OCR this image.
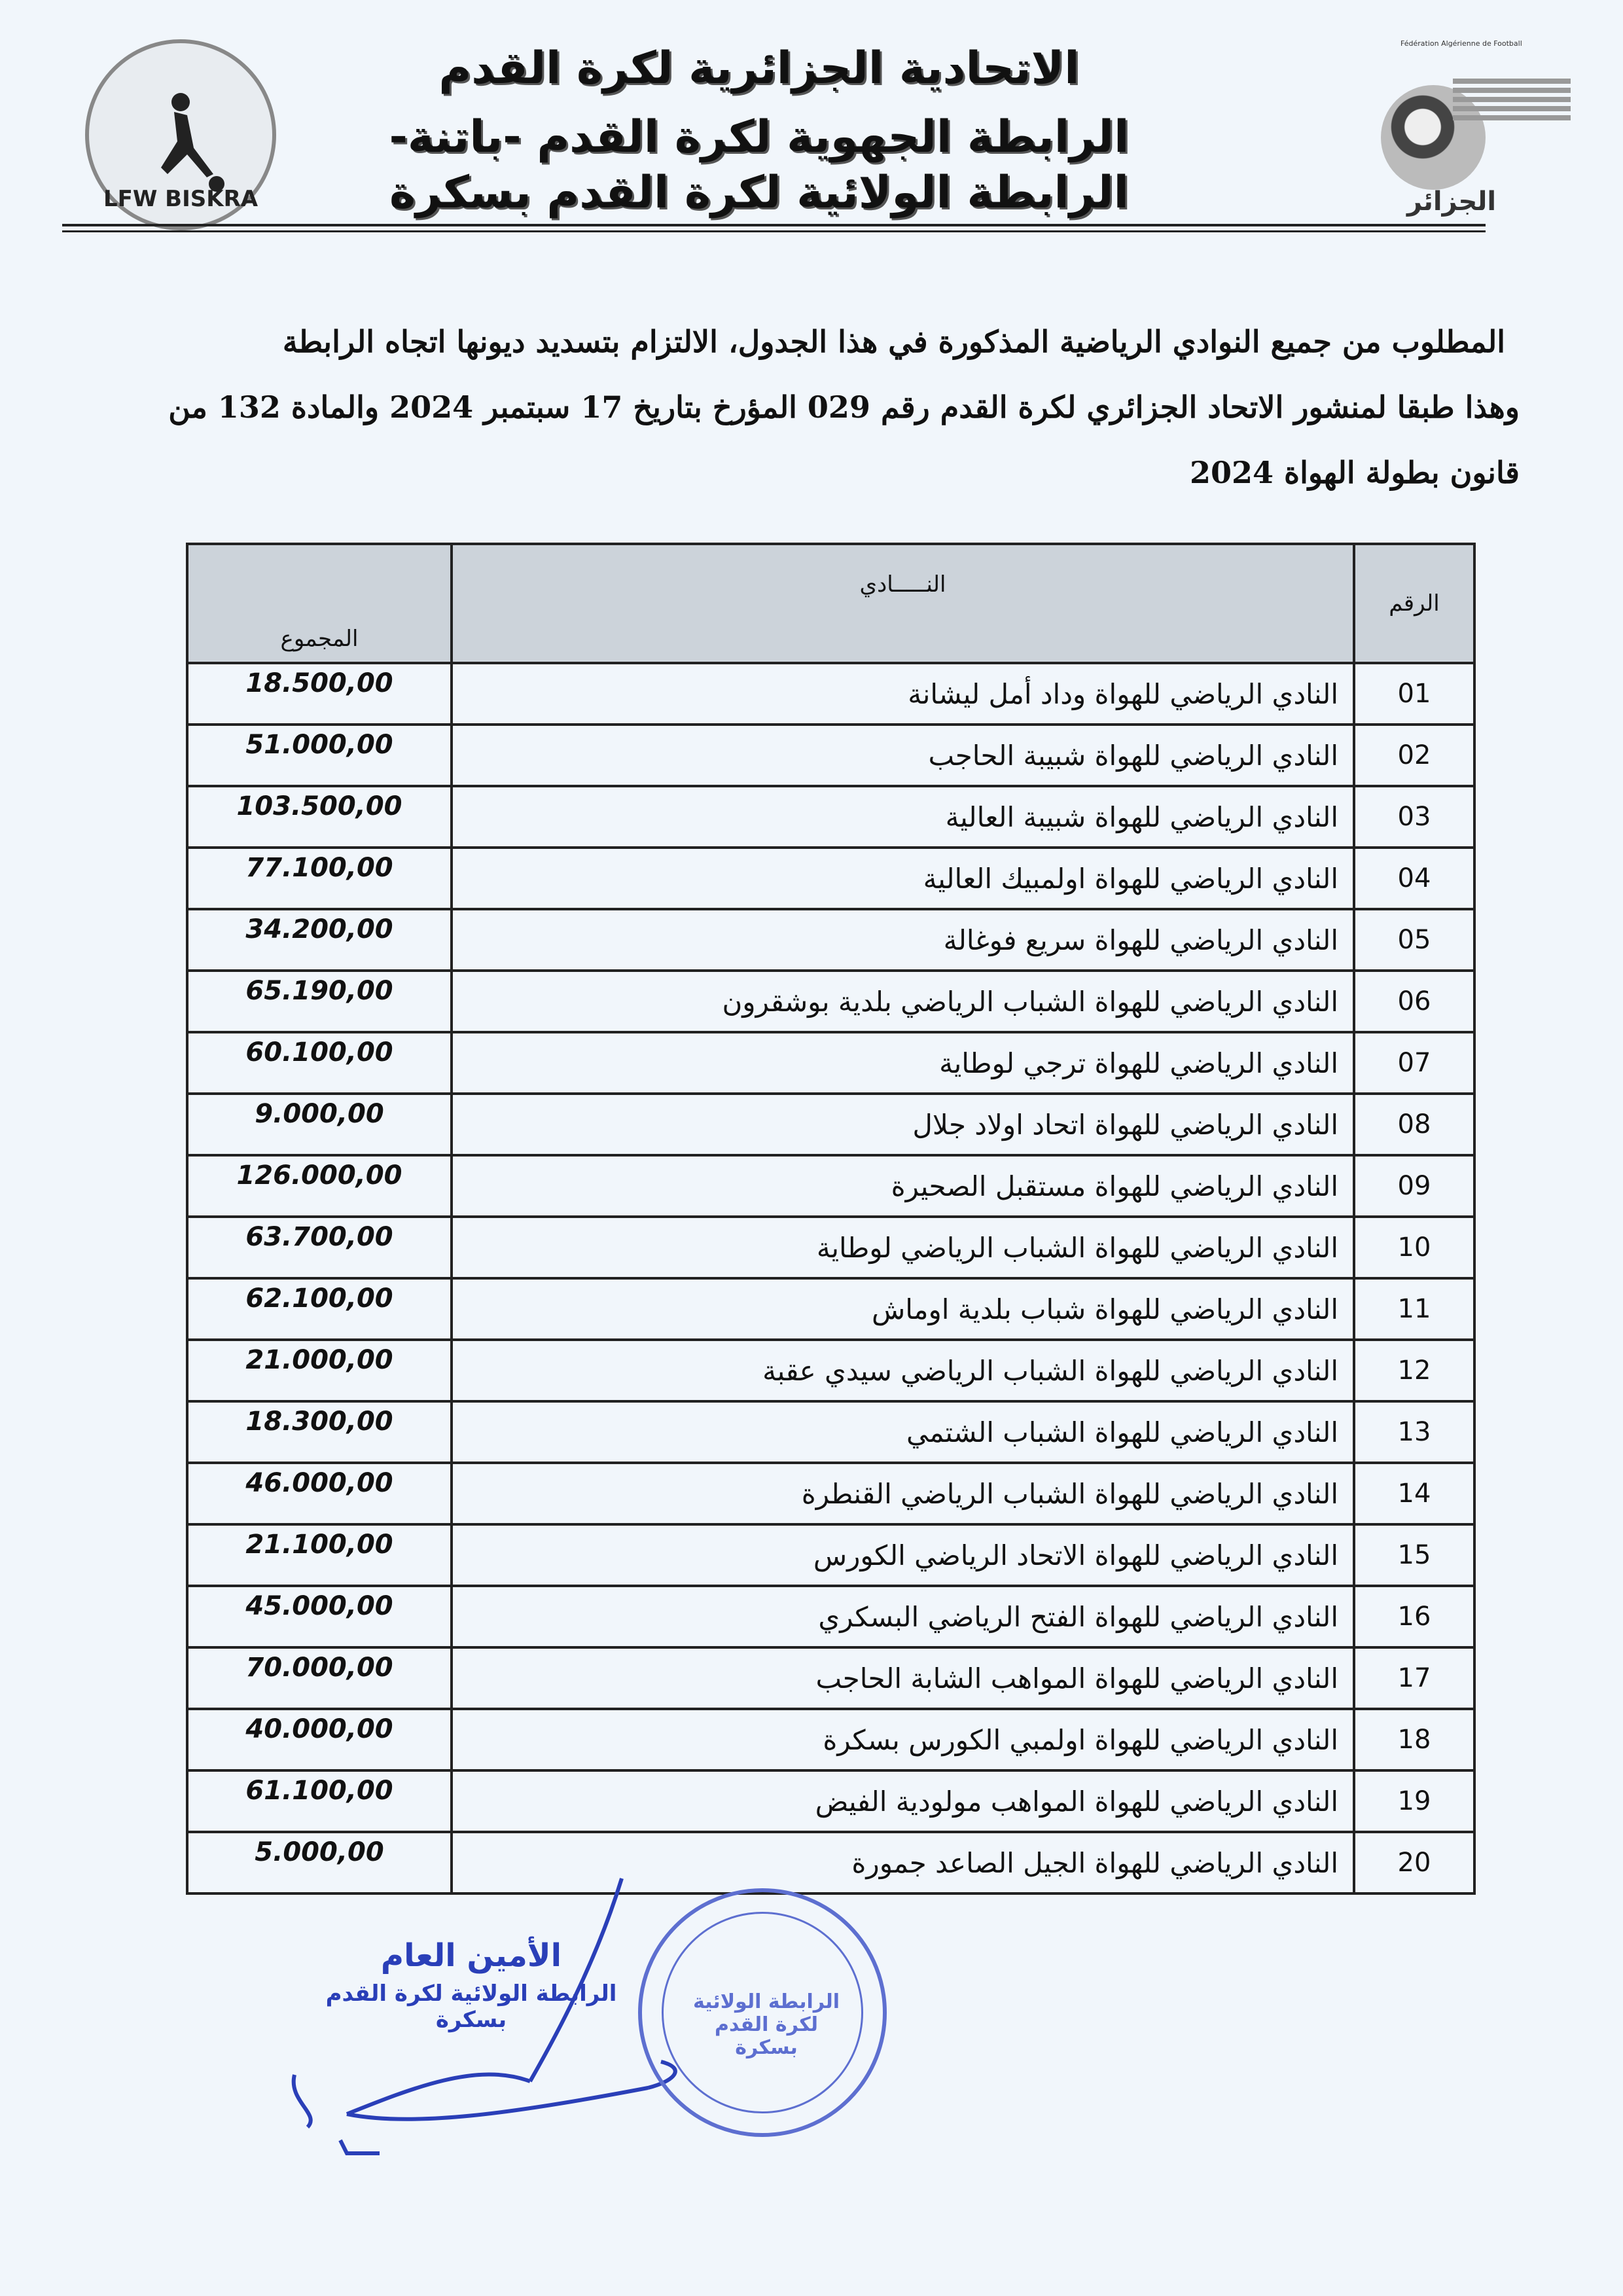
LFW BISKRA
Fédération Algérienne de Football
الجزائر
الاتحادية الجزائرية لكرة القدم
الرابطة الجهوية لكرة القدم -باتنة-
الرابطة الولائية لكرة القدم بسكرة
المطلوب من جميع النوادي الرياضية المذكورة في هذا الجدول، الالتزام بتسديد ديونها اتجاه الرابطة
وهذا طبقا لمنشور الاتحاد الجزائري لكرة القدم رقم 029 المؤرخ بتاريخ 17 سبتمبر 2024 والمادة 132 من
قانون بطولة الهواة 2024
الرقم	النـــــادي	المجموع
01	النادي الرياضي للهواة وداد أمل ليشانة	18.500,00
02	النادي الرياضي للهواة شبيبة الحاجب	51.000,00
03	النادي الرياضي للهواة شبيبة العالية	103.500,00
04	النادي الرياضي للهواة اولمبيك العالية	77.100,00
05	النادي الرياضي للهواة سريع فوغالة	34.200,00
06	النادي الرياضي للهواة الشباب الرياضي بلدية بوشقرون	65.190,00
07	النادي الرياضي للهواة ترجي لوطاية	60.100,00
08	النادي الرياضي للهواة اتحاد اولاد جلال	9.000,00
09	النادي الرياضي للهواة مستقبل الصحيرة	126.000,00
10	النادي الرياضي للهواة الشباب الرياضي لوطاية	63.700,00
11	النادي الرياضي للهواة شباب بلدية اوماش	62.100,00
12	النادي الرياضي للهواة الشباب الرياضي سيدي عقبة	21.000,00
13	النادي الرياضي للهواة الشباب الشتمي	18.300,00
14	النادي الرياضي للهواة الشباب الرياضي القنطرة	46.000,00
15	النادي الرياضي للهواة الاتحاد الرياضي الكورس	21.100,00
16	النادي الرياضي للهواة الفتح الرياضي البسكري	45.000,00
17	النادي الرياضي للهواة المواهب الشابة الحاجب	70.000,00
18	النادي الرياضي للهواة اولمبي الكورس بسكرة	40.000,00
19	النادي الرياضي للهواة المواهب مولودية الفيض	61.100,00
20	النادي الرياضي للهواة الجيل الصاعد جمورة	5.000,00
الأمين العام
الرابطة الولائية لكرة القدم بسكرة
الرابطة الولائية لكرة القدم بسكرة
